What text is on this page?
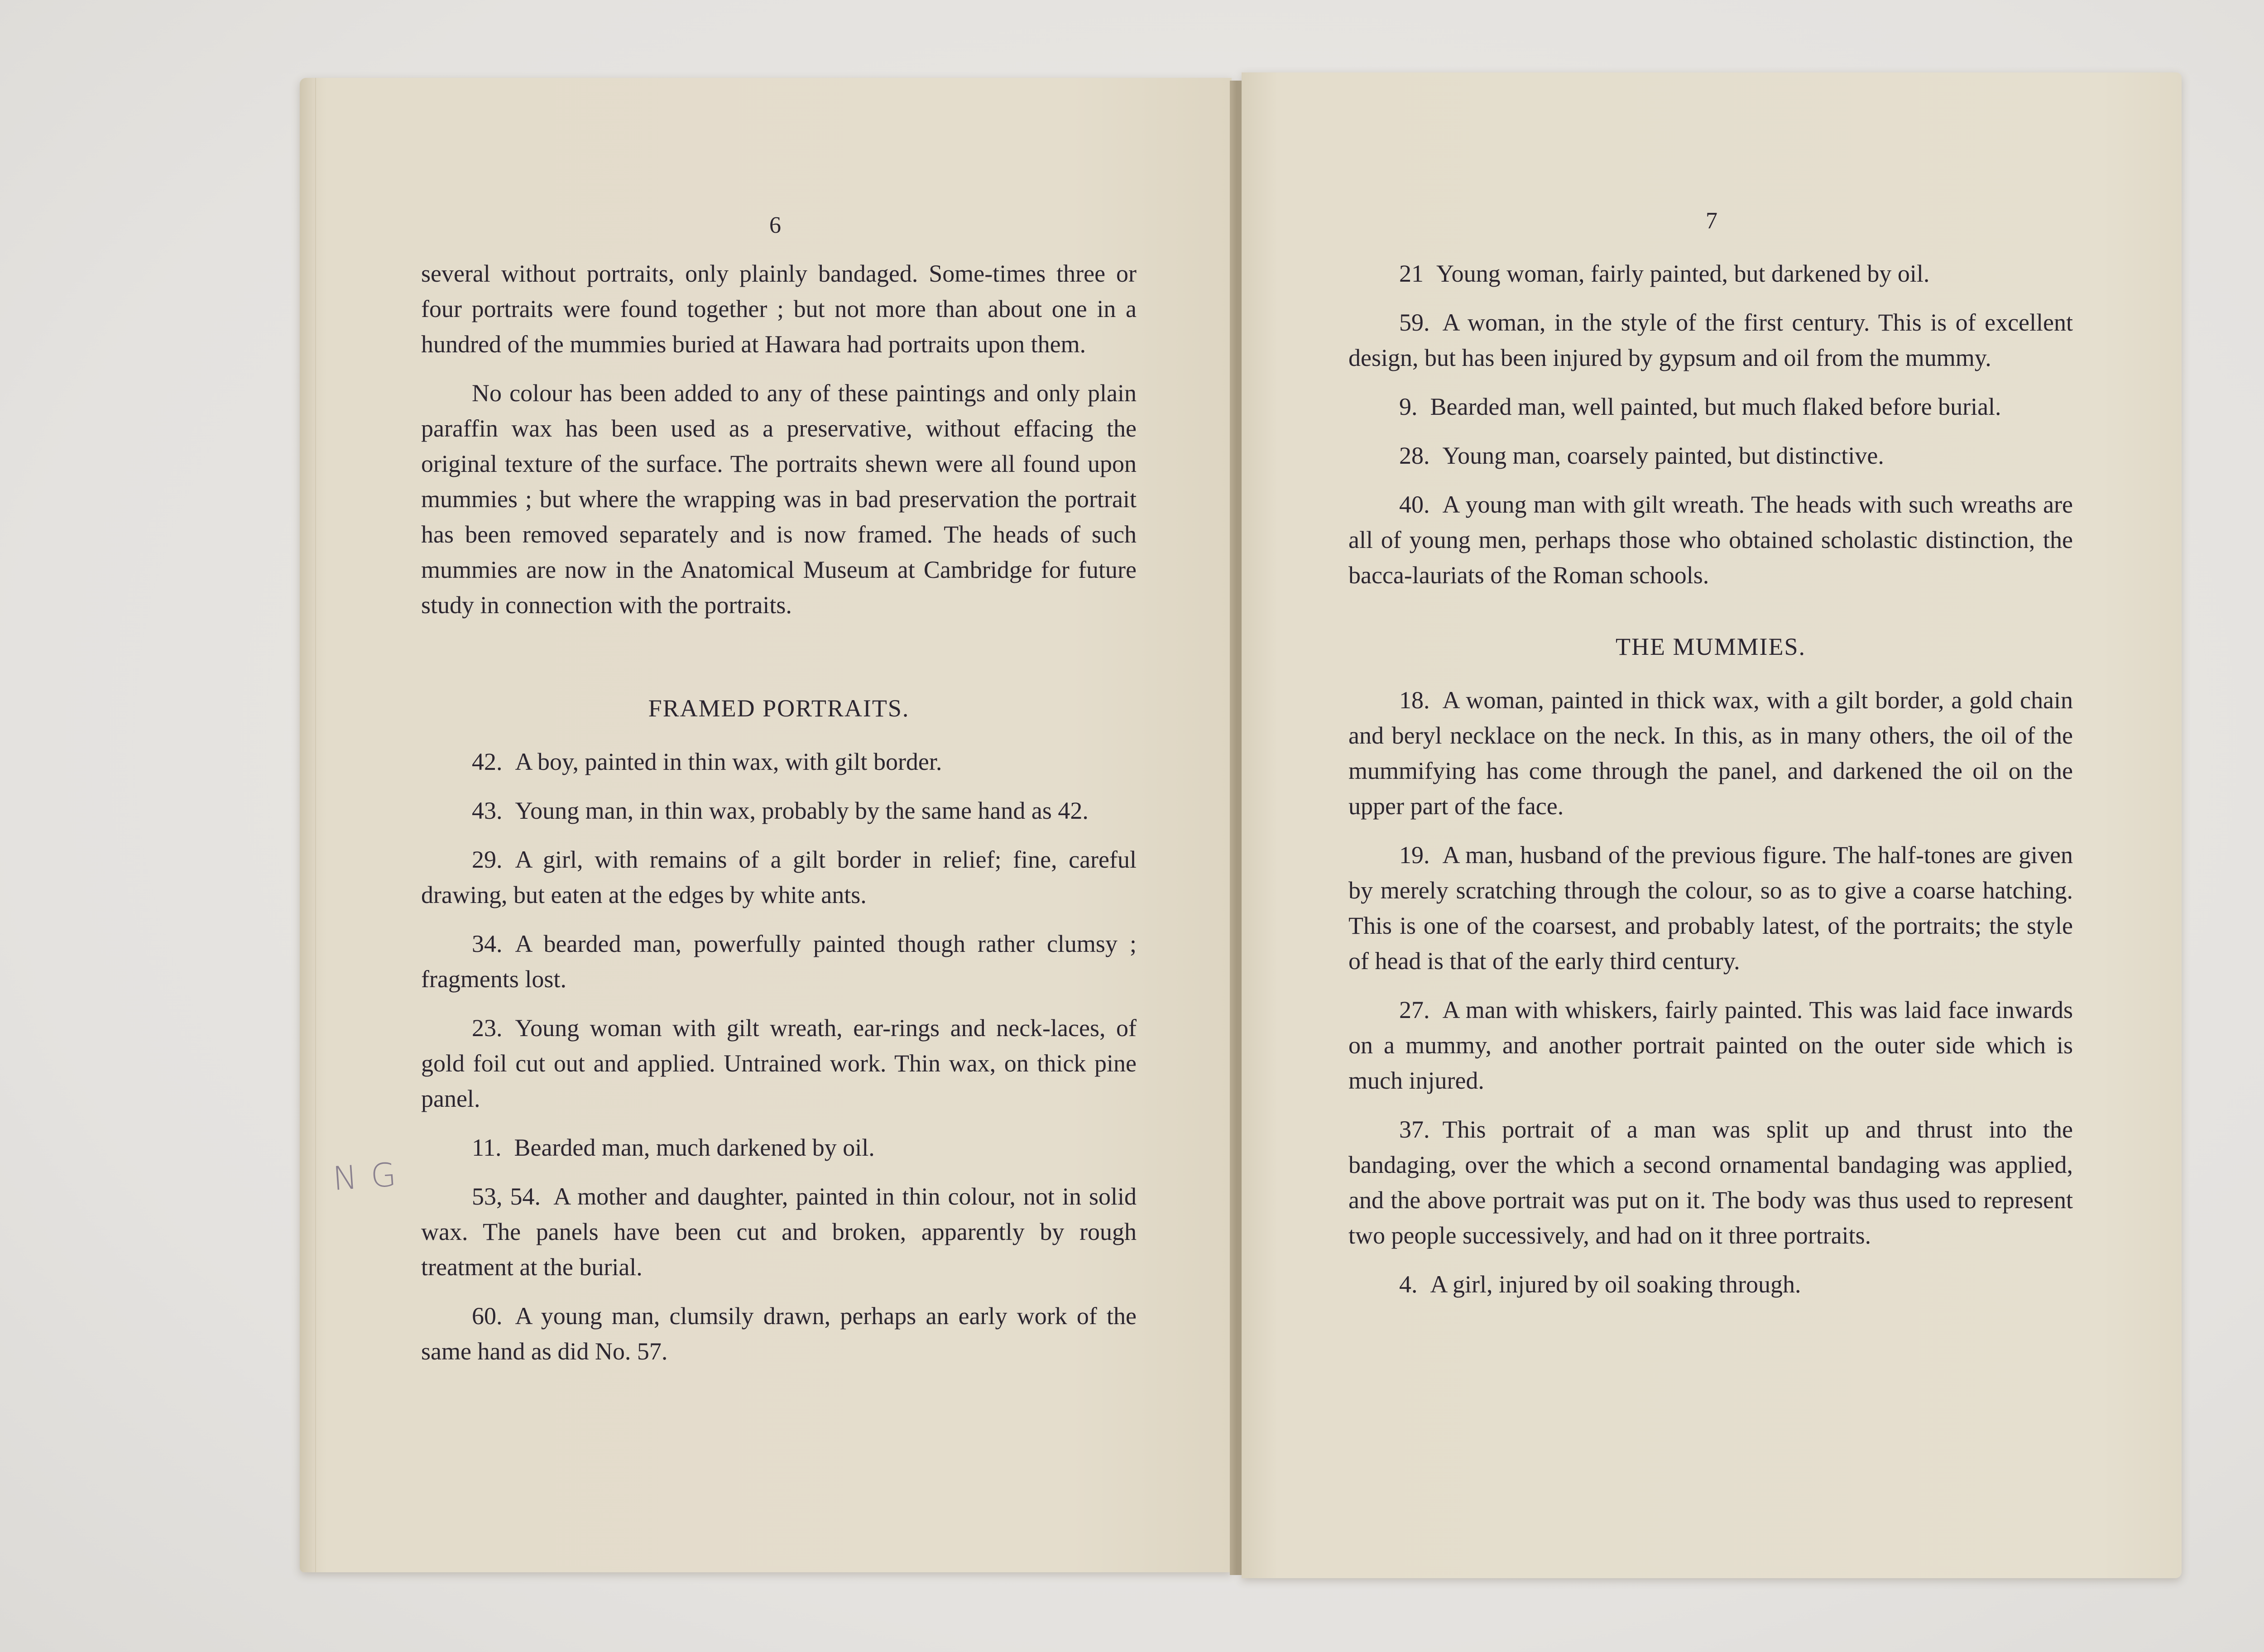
6	7

several without portraits, only plainly bandaged. Some-times three or four portraits were found together ; but not more than about one in a hundred of the mummies buried at Hawara had portraits upon them.

No colour has been added to any of these paintings and only plain paraffin wax has been used as a preservative, without effacing the original texture of the surface. The portraits shewn were all found upon mummies ; but where the wrapping was in bad preservation the portrait has been removed separately and is now framed. The heads of such mummies are now in the Anatomical Museum at Cambridge for future study in connection with the portraits.

FRAMED PORTRAITS.

42. A boy, painted in thin wax, with gilt border.

43. Young man, in thin wax, probably by the same hand as 42.

29. A girl, with remains of a gilt border in relief; fine, careful drawing, but eaten at the edges by white ants.

34. A bearded man, powerfully painted though rather clumsy ; fragments lost.

23. Young woman with gilt wreath, ear-rings and neck-laces, of gold foil cut out and applied. Untrained work. Thin wax, on thick pine panel.

11. Bearded man, much darkened by oil.

53, 54. A mother and daughter, painted in thin colour, not in solid wax. The panels have been cut and broken, apparently by rough treatment at the burial.

60. A young man, clumsily drawn, perhaps an early work of the same hand as did No. 57.

21 Young woman, fairly painted, but darkened by oil.

59. A woman, in the style of the first century. This is of excellent design, but has been injured by gypsum and oil from the mummy.

9. Bearded man, well painted, but much flaked before burial.

28. Young man, coarsely painted, but distinctive.

40. A young man with gilt wreath. The heads with such wreaths are all of young men, perhaps those who obtained scholastic distinction, the bacca-lauriats of the Roman schools.

THE MUMMIES.

18. A woman, painted in thick wax, with a gilt border, a gold chain and beryl necklace on the neck. In this, as in many others, the oil of the mummifying has come through the panel, and darkened the oil on the upper part of the face.

19. A man, husband of the previous figure. The half-tones are given by merely scratching through the colour, so as to give a coarse hatching. This is one of the coarsest, and probably latest, of the portraits; the style of head is that of the early third century.

27. A man with whiskers, fairly painted. This was laid face inwards on a mummy, and another portrait painted on the outer side which is much injured.

37. This portrait of a man was split up and thrust into the bandaging, over the which a second ornamental bandaging was applied, and the above portrait was put on it. The body was thus used to represent two people successively, and had on it three portraits.

4. A girl, injured by oil soaking through.

NG
